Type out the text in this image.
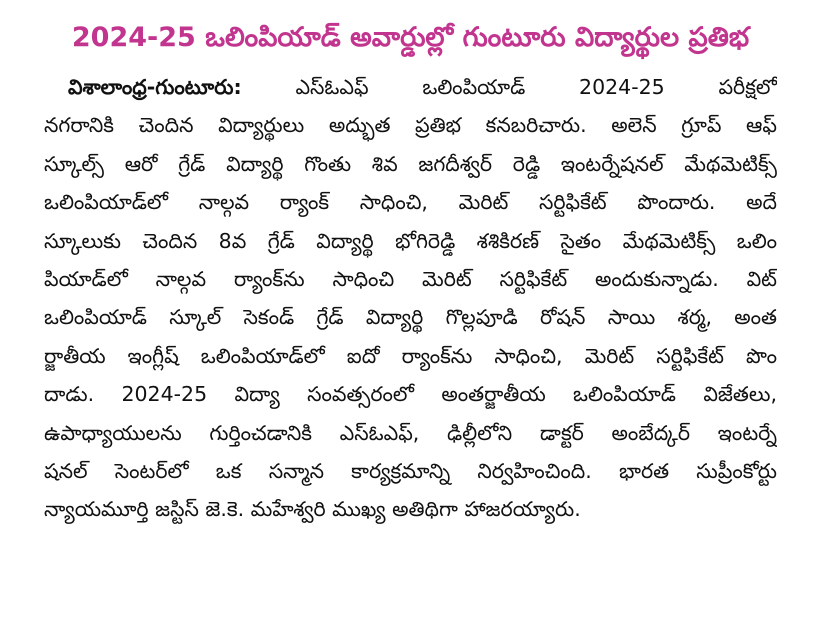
2024-25 ఒలింపియాడ్ అవార్డుల్లో గుంటూరు విద్యార్థుల ప్రతిభ
విశాలాంధ్ర-గుంటూరు: ఎస్ఓఎఫ్ ఒలింపియాడ్ 2024-25 పరీక్షలో
నగరానికి చెందిన విద్యార్థులు అద్భుత ప్రతిభ కనబరిచారు. అలెన్ గ్రూప్ ఆఫ్
స్కూల్స్ ఆరో గ్రేడ్ విద్యార్థి గొంతు శివ జగదీశ్వర్ రెడ్డి ఇంటర్నేషనల్ మేథమెటిక్స్
ఒలింపియాడ్‌లో నాల్గవ ర్యాంక్ సాధించి, మెరిట్ సర్టిఫికేట్ పొందారు. అదే
స్కూలుకు చెందిన 8వ గ్రేడ్ విద్యార్థి భోగిరెడ్డి శశికిరణ్ సైతం మేథమెటిక్స్ ఒలిం
పియాడ్‌లో నాల్గవ ర్యాంక్‌ను సాధించి మెరిట్ సర్టిఫికేట్ అందుకున్నాడు. విట్
ఒలింపియాడ్ స్కూల్ సెకండ్ గ్రేడ్ విద్యార్థి గొల్లపూడి రోషన్ సాయి శర్మ, అంత
ర్జాతీయ ఇంగ్లీష్ ఒలింపియాడ్‌లో ఐదో ర్యాంక్‌ను సాధించి, మెరిట్ సర్టిఫికేట్ పొం
దాడు. 2024-25 విద్యా సంవత్సరంలో అంతర్జాతీయ ఒలింపియాడ్ విజేతలు,
ఉపాధ్యాయులను గుర్తించడానికి ఎస్ఓఎఫ్, ఢిల్లీలోని డాక్టర్ అంబేద్కర్ ఇంటర్నే
షనల్ సెంటర్‌లో ఒక సన్మాన కార్యక్రమాన్ని నిర్వహించింది. భారత సుప్రీంకోర్టు
న్యాయమూర్తి జస్టిస్ జె.కె. మహేశ్వరి ముఖ్య అతిథిగా హాజరయ్యారు.
